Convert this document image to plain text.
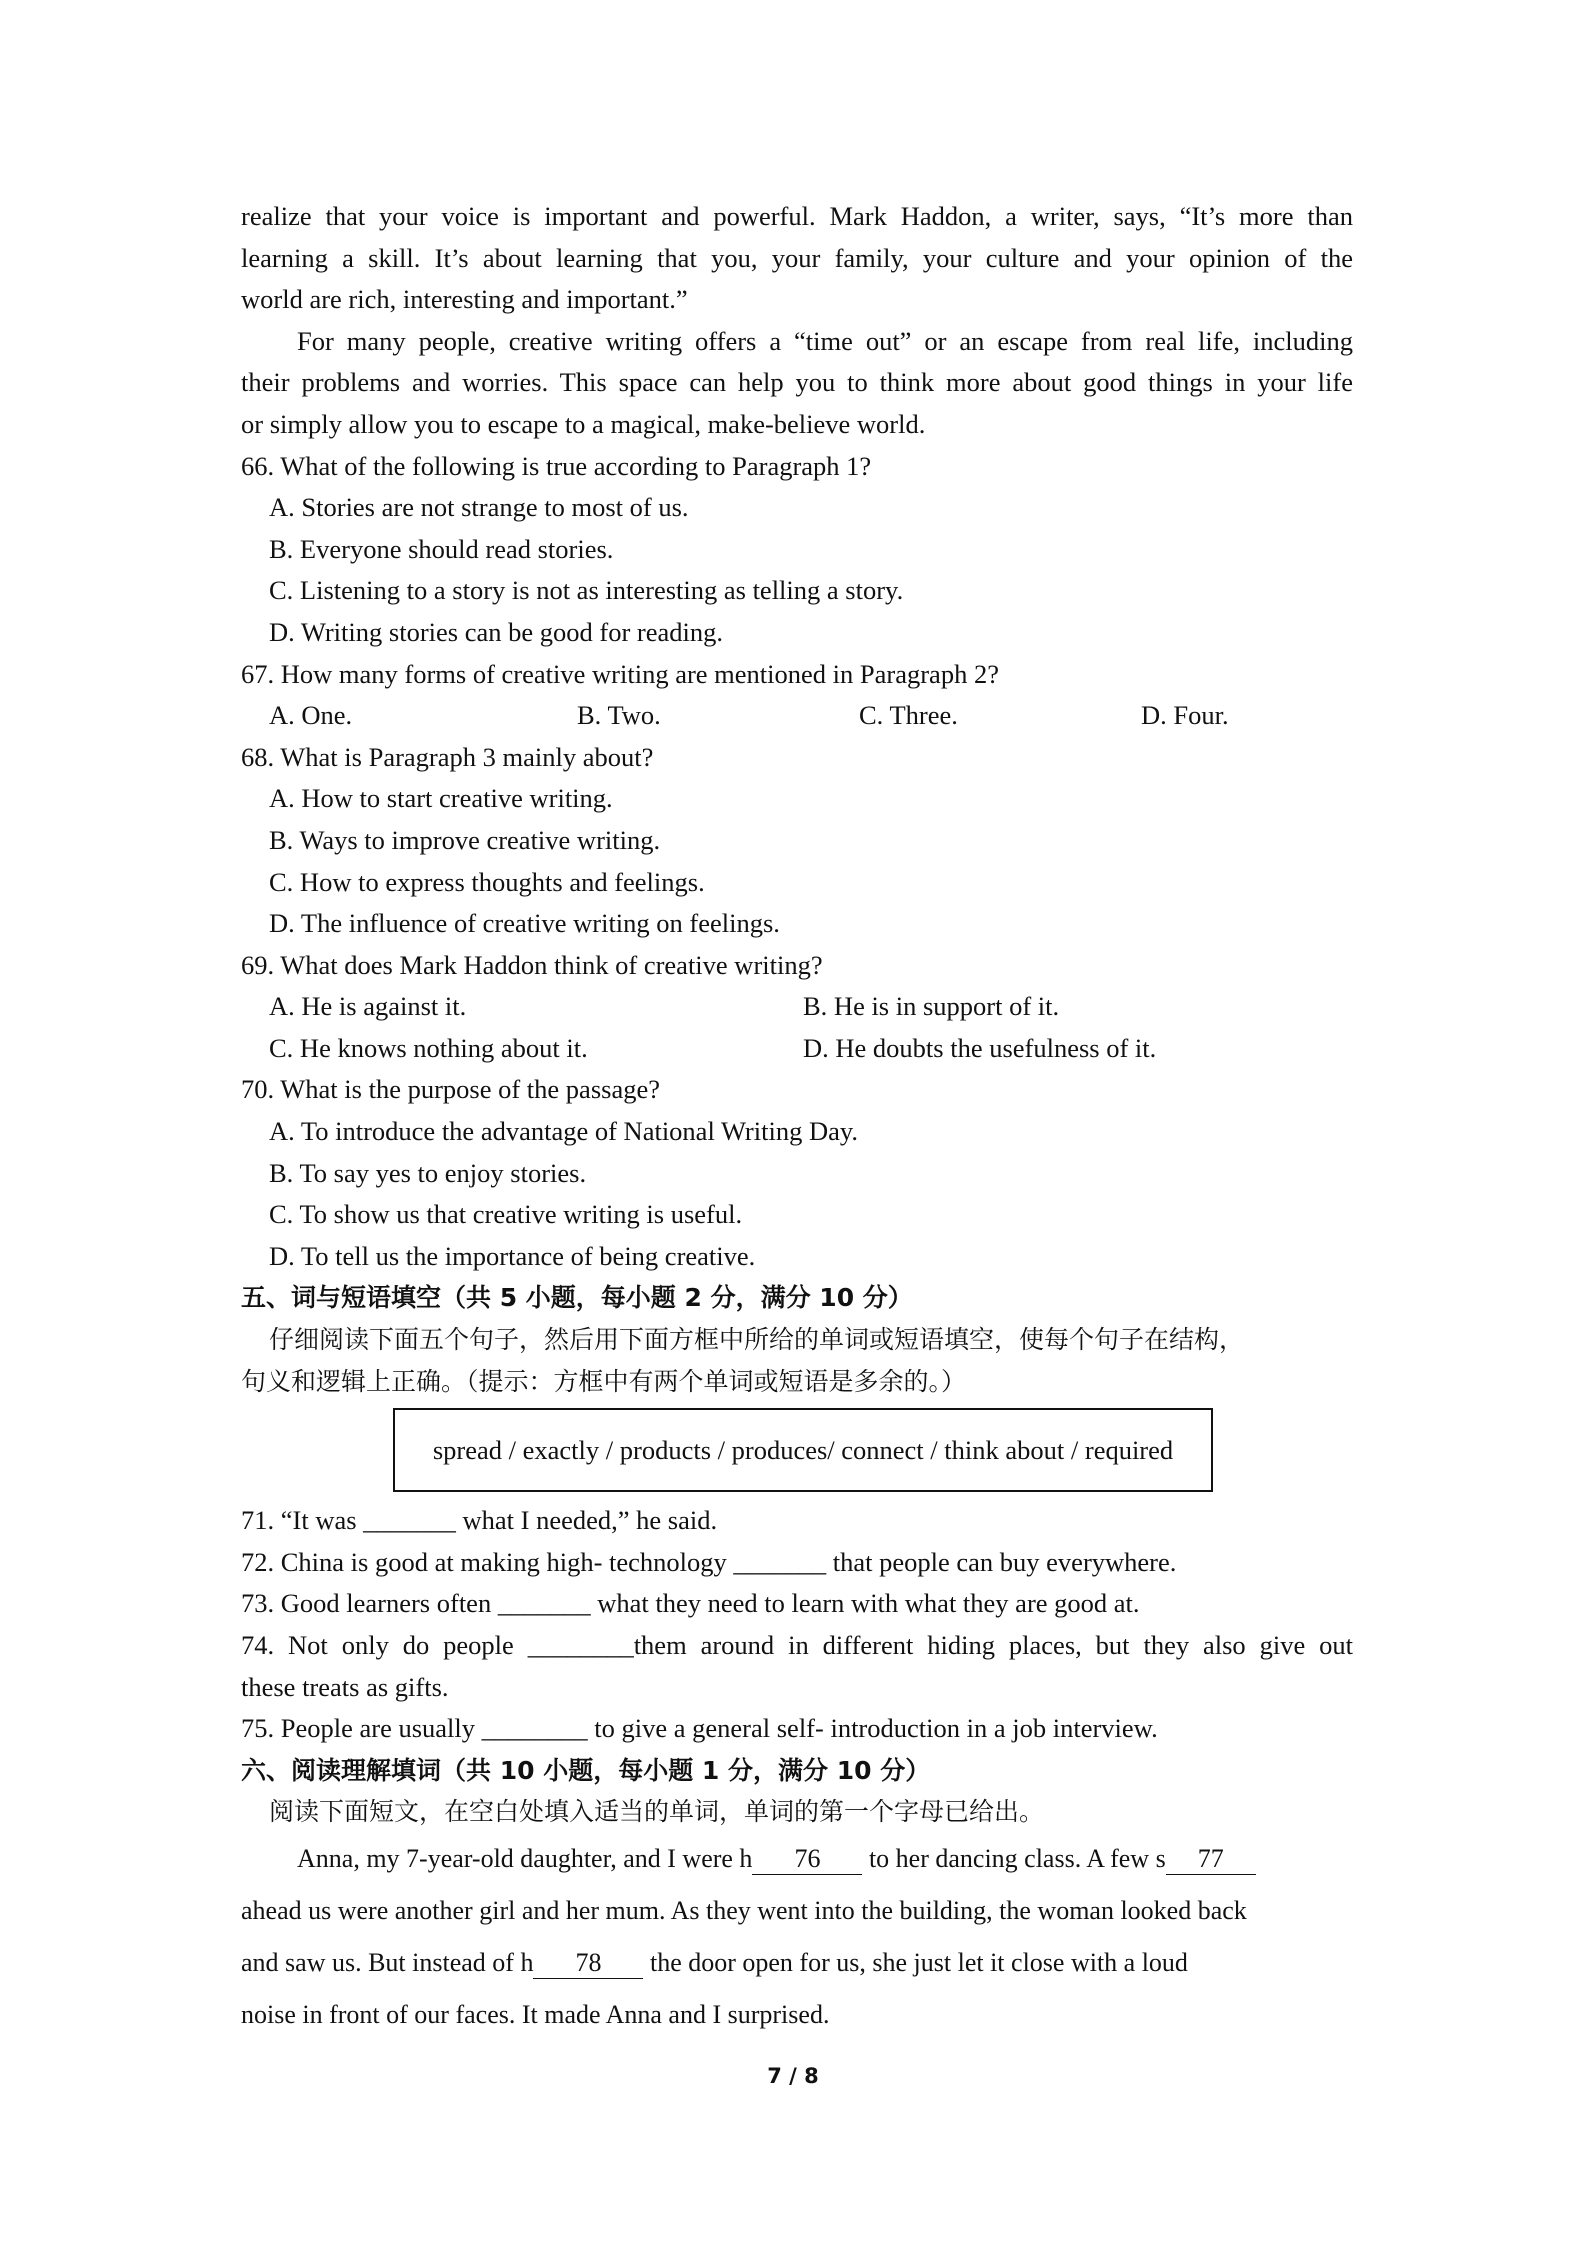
realize that your voice is important and powerful. Mark Haddon, a writer, says, “It’s more than
learning a skill. It’s about learning that you, your family, your culture and your opinion of the
world are rich, interesting and important.”
For many people, creative writing offers a “time out” or an escape from real life, including
their problems and worries. This space can help you to think more about good things in your life
or simply allow you to escape to a magical, make-believe world.
66. What of the following is true according to Paragraph 1?
A. Stories are not strange to most of us.
B. Everyone should read stories.
C. Listening to a story is not as interesting as telling a story.
D. Writing stories can be good for reading.
67. How many forms of creative writing are mentioned in Paragraph 2?
A. One.	B. Two.	C. Three.	D. Four.
68. What is Paragraph 3 mainly about?
A. How to start creative writing.
B. Ways to improve creative writing.
C. How to express thoughts and feelings.
D. The influence of creative writing on feelings.
69. What does Mark Haddon think of creative writing?
A. He is against it.	B. He is in support of it.
C. He knows nothing about it.	D. He doubts the usefulness of it.
70. What is the purpose of the passage?
A. To introduce the advantage of National Writing Day.
B. To say yes to enjoy stories.
C. To show us that creative writing is useful.
D. To tell us the importance of being creative.
五、词与短语填空（共 5 小题，每小题 2 分，满分 10 分）
仔细阅读下面五个句子，然后用下面方框中所给的单词或短语填空，使每个句子在结构，
句义和逻辑上正确。（提示：方框中有两个单词或短语是多余的。）
spread / exactly / products / produces/ connect / think about / required
71. “It was _______ what I needed,” he said.
72. China is good at making high- technology _______ that people can buy everywhere.
73. Good learners often _______ what they need to learn with what they are good at.
74. Not only do people ________them around in different hiding places, but they also give out
these treats as gifts.
75. People are usually ________ to give a general self- introduction in a job interview.
六、阅读理解填词（共 10 小题，每小题 1 分，满分 10 分）
阅读下面短文，在空白处填入适当的单词，单词的第一个字母已给出。
Anna, my 7-year-old daughter, and I were h 76 to her dancing class. A few s 77
ahead us were another girl and her mum. As they went into the building, the woman looked back
and saw us. But instead of h 78 the door open for us, she just let it close with a loud
noise in front of our faces. It made Anna and I surprised.
7 / 8
